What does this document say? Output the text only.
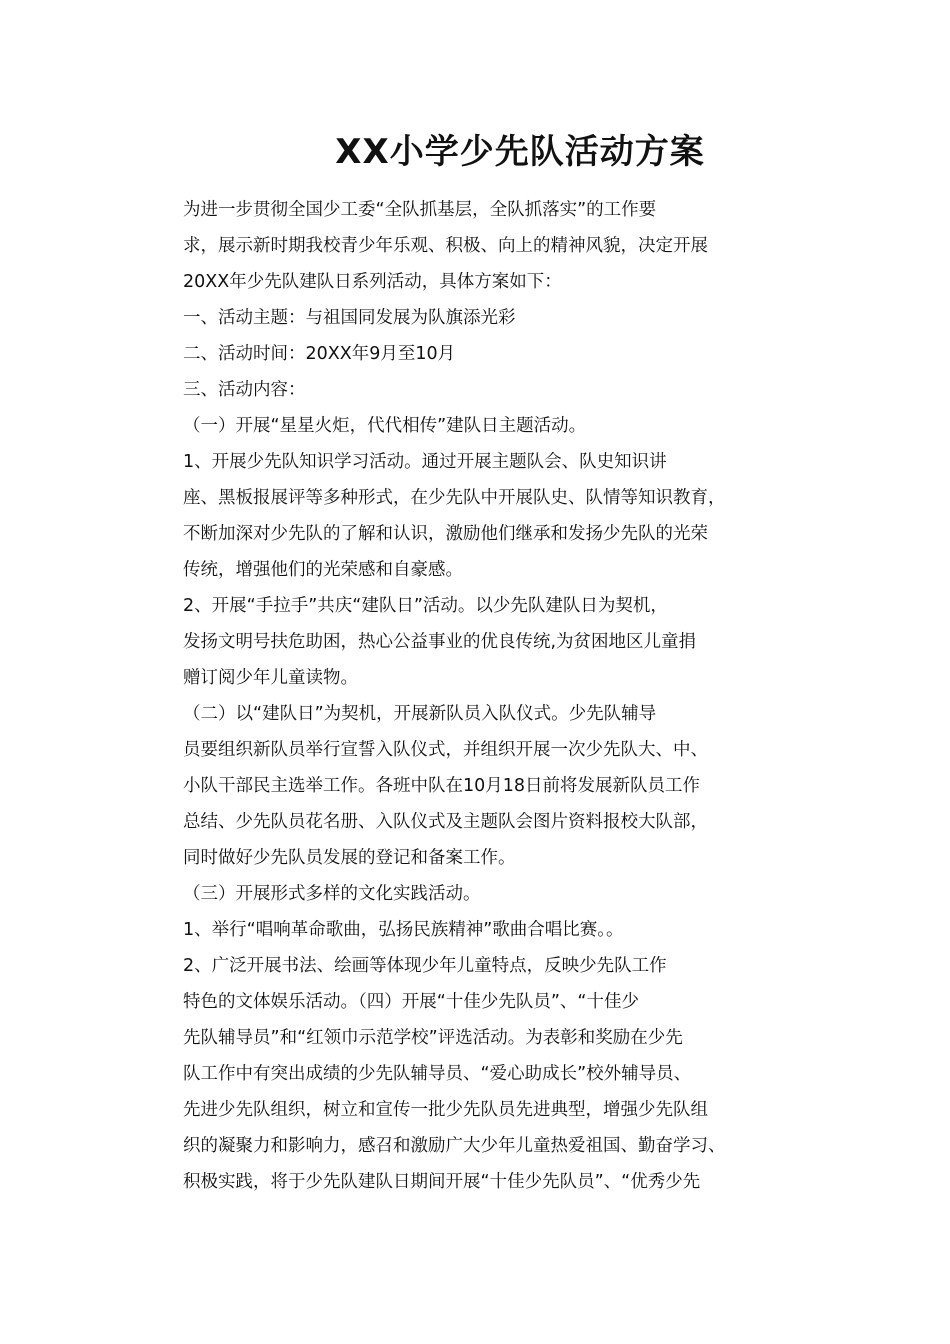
XX小学少先队活动方案
为进一步贯彻全国少工委“全队抓基层，全队抓落实”的工作要
求，展示新时期我校青少年乐观、积极、向上的精神风貌，决定开展
20XX年少先队建队日系列活动，具体方案如下：
一、活动主题：与祖国同发展为队旗添光彩
二、活动时间：20XX年9月至10月
三、活动内容：
（一）开展“星星火炬，代代相传”建队日主题活动。
1、开展少先队知识学习活动。通过开展主题队会、队史知识讲
座、黑板报展评等多种形式，在少先队中开展队史、队情等知识教育，
不断加深对少先队的了解和认识，激励他们继承和发扬少先队的光荣
传统，增强他们的光荣感和自豪感。
2、开展“手拉手”共庆“建队日”活动。以少先队建队日为契机，
发扬文明号扶危助困，热心公益事业的优良传统,为贫困地区儿童捐
赠订阅少年儿童读物。
（二）以“建队日”为契机，开展新队员入队仪式。少先队辅导
员要组织新队员举行宣誓入队仪式，并组织开展一次少先队大、中、
小队干部民主选举工作。各班中队在10月18日前将发展新队员工作
总结、少先队员花名册、入队仪式及主题队会图片资料报校大队部，
同时做好少先队员发展的登记和备案工作。
（三）开展形式多样的文化实践活动。
1、举行“唱响革命歌曲，弘扬民族精神”歌曲合唱比赛。。
2、广泛开展书法、绘画等体现少年儿童特点，反映少先队工作
特色的文体娱乐活动。（四）开展“十佳少先队员”、“十佳少
先队辅导员”和“红领巾示范学校”评选活动。为表彰和奖励在少先
队工作中有突出成绩的少先队辅导员、“爱心助成长”校外辅导员、
先进少先队组织，树立和宣传一批少先队员先进典型，增强少先队组
织的凝聚力和影响力，感召和激励广大少年儿童热爱祖国、勤奋学习、
积极实践，将于少先队建队日期间开展“十佳少先队员”、“优秀少先
